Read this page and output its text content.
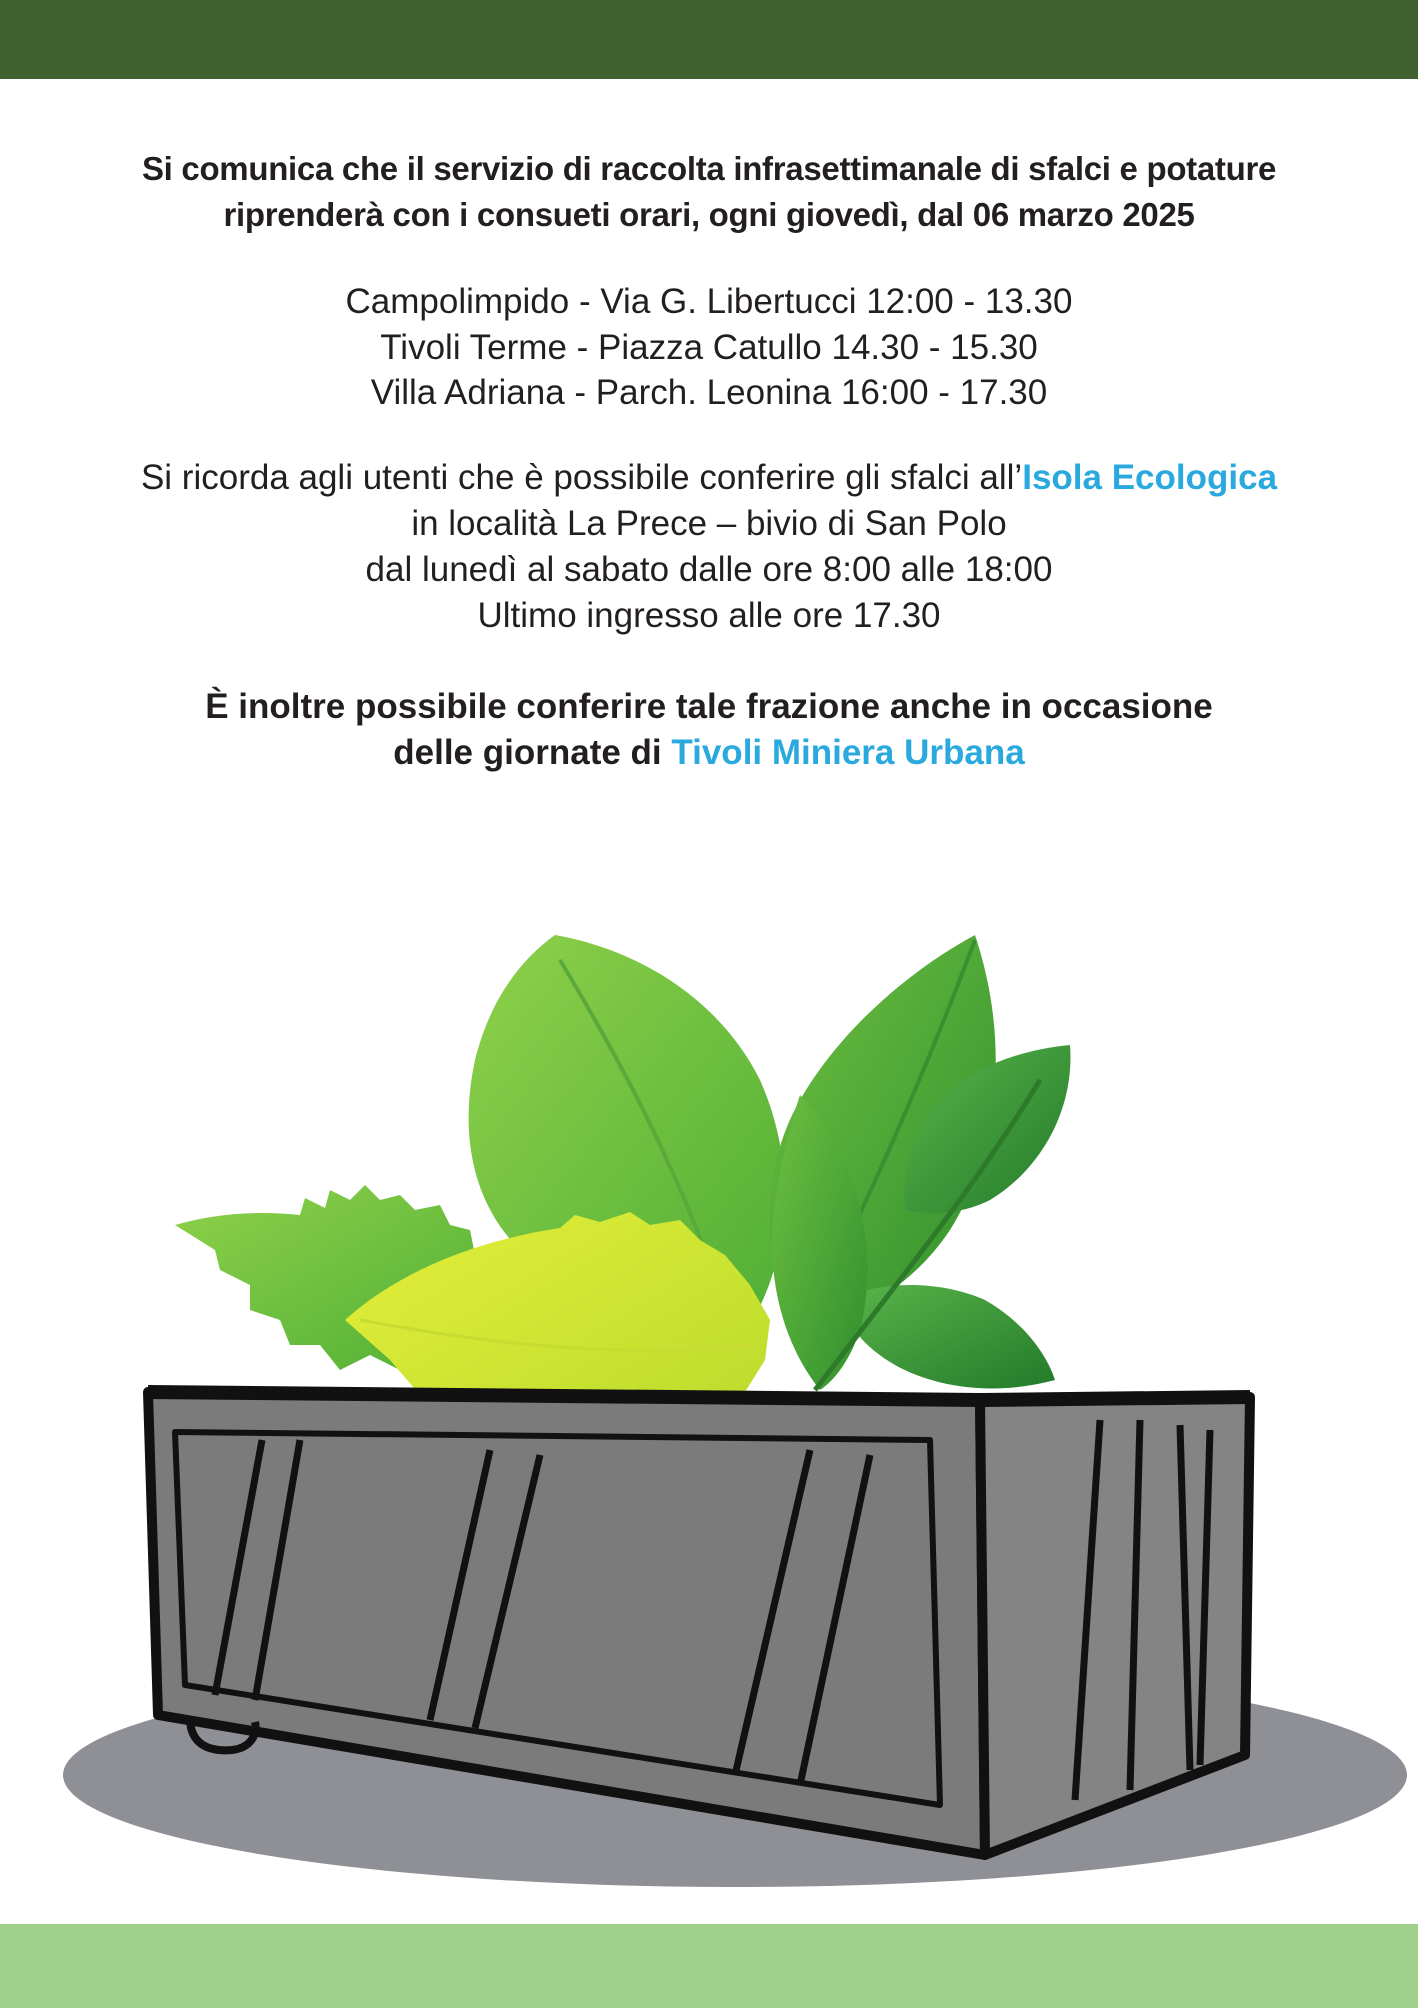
Si comunica che il servizio di raccolta infrasettimanale di sfalci e potature
riprenderà con i consueti orari, ogni giovedì, dal 06 marzo 2025
Campolimpido - Via G. Libertucci 12:00 - 13.30
Tivoli Terme - Piazza Catullo 14.30 - 15.30
Villa Adriana - Parch. Leonina 16:00 - 17.30
Si ricorda agli utenti che è possibile conferire gli sfalci all’Isola Ecologica
in località La Prece – bivio di San Polo
dal lunedì al sabato dalle ore 8:00 alle 18:00
Ultimo ingresso alle ore 17.30
È inoltre possibile conferire tale frazione anche in occasione
delle giornate di Tivoli Miniera Urbana
